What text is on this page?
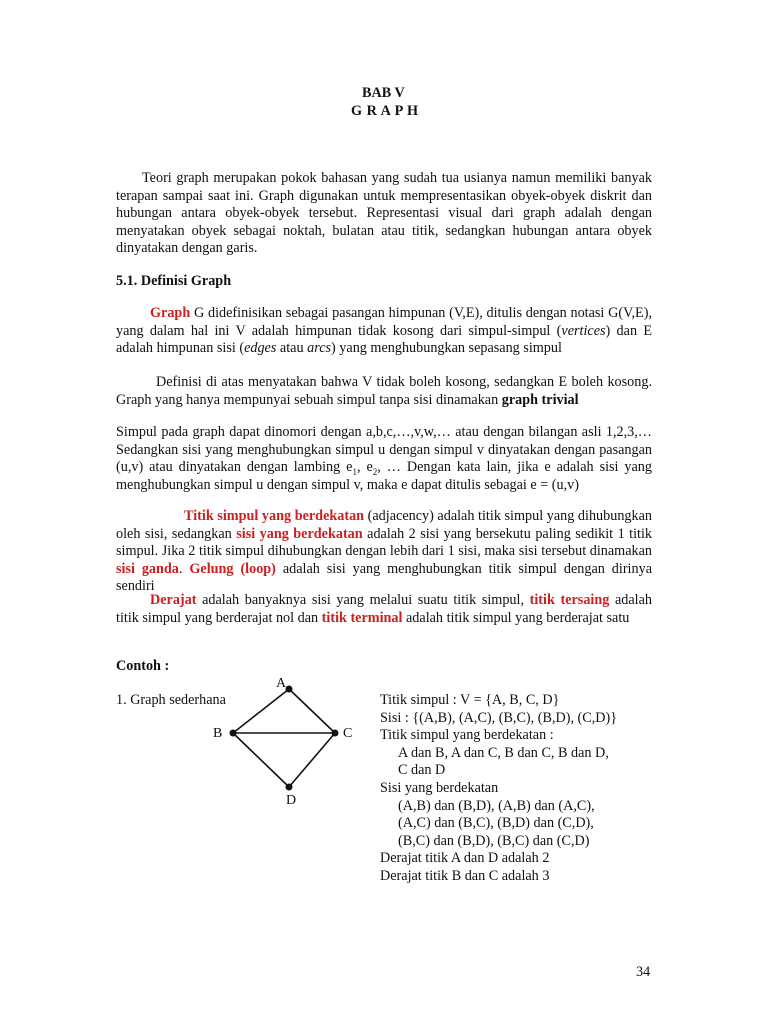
BAB V
G R A P H
Teori graph merupakan pokok bahasan yang sudah tua usianya namun memiliki banyak terapan sampai saat ini. Graph digunakan untuk mempresentasikan obyek-obyek diskrit dan hubungan antara obyek-obyek tersebut. Representasi visual dari graph adalah dengan menyatakan obyek sebagai noktah, bulatan atau titik, sedangkan hubungan antara obyek dinyatakan dengan garis.
5.1. Definisi Graph
Graph G didefinisikan sebagai pasangan himpunan (V,E), ditulis dengan notasi G(V,E), yang dalam hal ini V adalah himpunan tidak kosong dari simpul-simpul (vertices) dan E adalah himpunan sisi (edges atau arcs) yang menghubungkan sepasang simpul
Definisi di atas menyatakan bahwa V tidak boleh kosong, sedangkan E boleh kosong. Graph yang hanya mempunyai sebuah simpul tanpa sisi dinamakan graph trivial
Simpul pada graph dapat dinomori dengan a,b,c,…,v,w,… atau dengan bilangan asli 1,2,3,… Sedangkan sisi yang menghubungkan simpul u dengan simpul v dinyatakan dengan pasangan (u,v) atau dinyatakan dengan lambing $e_1$, $e_2$, … Dengan kata lain, jika e adalah sisi yang menghubungkan simpul u dengan simpul v, maka e dapat ditulis sebagai e = (u,v)
Titik simpul yang berdekatan (adjacency) adalah titik simpul yang dihubungkan oleh sisi, sedangkan sisi yang berdekatan adalah 2 sisi yang bersekutu paling sedikit 1 titik simpul. Jika 2 titik simpul dihubungkan dengan lebih dari 1 sisi, maka sisi tersebut dinamakan sisi ganda. Gelung (loop) adalah sisi yang menghubungkan titik simpul dengan dirinya sendiri
Derajat adalah banyaknya sisi yang melalui suatu titik simpul, titik tersaing adalah titik simpul yang berderajat nol dan titik terminal adalah titik simpul yang berderajat satu
Contoh :
1. Graph sederhana
A
B	C
D
Titik simpul : V = {A, B, C, D}
Sisi : {(A,B), (A,C), (B,C), (B,D), (C,D)}
Titik simpul yang berdekatan :
A dan B, A dan C, B dan C, B dan D,
C dan D
Sisi yang berdekatan
(A,B) dan (B,D), (A,B) dan (A,C),
(A,C) dan (B,C), (B,D) dan (C,D),
(B,C) dan (B,D), (B,C) dan (C,D)
Derajat titik A dan D adalah 2
Derajat titik B dan C adalah 3
34
